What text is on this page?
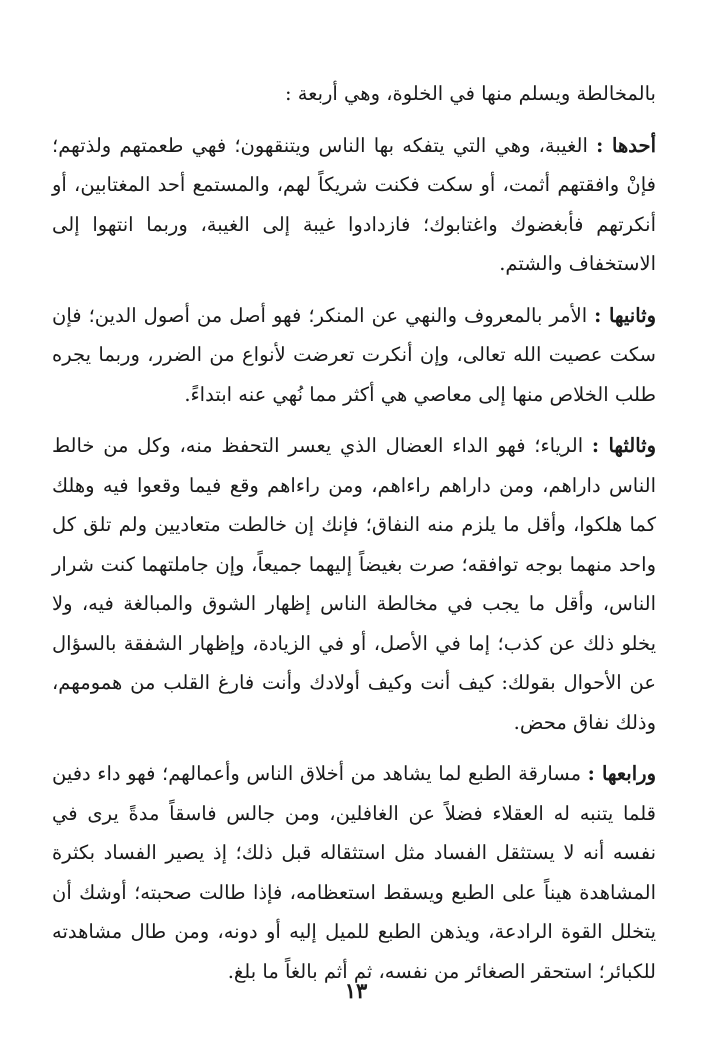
بالمخالطة ويسلم منها في الخلوة، وهي أربعة :

أحدها : الغيبة، وهي التي يتفكه بها الناس ويتنقهون؛ فهي طعمتهم ولذتهم؛ فإنْ وافقتهم أثمت، أو سكت فكنت شريكاً لهم، والمستمع أحد المغتابين، أو أنكرتهم فأبغضوك واغتابوك؛ فازدادوا غيبة إلى الغيبة، وربما انتهوا إلى الاستخفاف والشتم.

وثانيها : الأمر بالمعروف والنهي عن المنكر؛ فهو أصل من أصول الدين؛ فإن سكت عصيت الله تعالى، وإن أنكرت تعرضت لأنواع من الضرر، وربما يجره طلب الخلاص منها إلى معاصي هي أكثر مما نُهي عنه ابتداءً.

وثالثها : الرياء؛ فهو الداء العضال الذي يعسر التحفظ منه، وكل من خالط الناس داراهم، ومن داراهم راءاهم، ومن راءاهم وقع فيما وقعوا فيه وهلك كما هلكوا، وأقل ما يلزم منه النفاق؛ فإنك إن خالطت متعاديين ولم تلق كل واحد منهما بوجه توافقه؛ صرت بغيضاً إليهما جميعاً، وإن جاملتهما كنت شرار الناس، وأقل ما يجب في مخالطة الناس إظهار الشوق والمبالغة فيه، ولا يخلو ذلك عن كذب؛ إما في الأصل، أو في الزيادة، وإظهار الشفقة بالسؤال عن الأحوال بقولك: كيف أنت وكيف أولادك وأنت فارغ القلب من همومهم، وذلك نفاق محض.

ورابعها : مسارقة الطبع لما يشاهد من أخلاق الناس وأعمالهم؛ فهو داء دفين قلما يتنبه له العقلاء فضلاً عن الغافلين، ومن جالس فاسقاً مدةً يرى في نفسه أنه لا يستثقل الفساد مثل استثقاله قبل ذلك؛ إذ يصير الفساد بكثرة المشاهدة هيناً على الطبع ويسقط استعظامه، فإذا طالت صحبته؛ أوشك أن يتخلل القوة الرادعة، ويذهن الطبع للميل إليه أو دونه، ومن طال مشاهدته للكبائر؛ استحقر الصغائر من نفسه، ثم أثم بالغاً ما بلغ.

١٣
